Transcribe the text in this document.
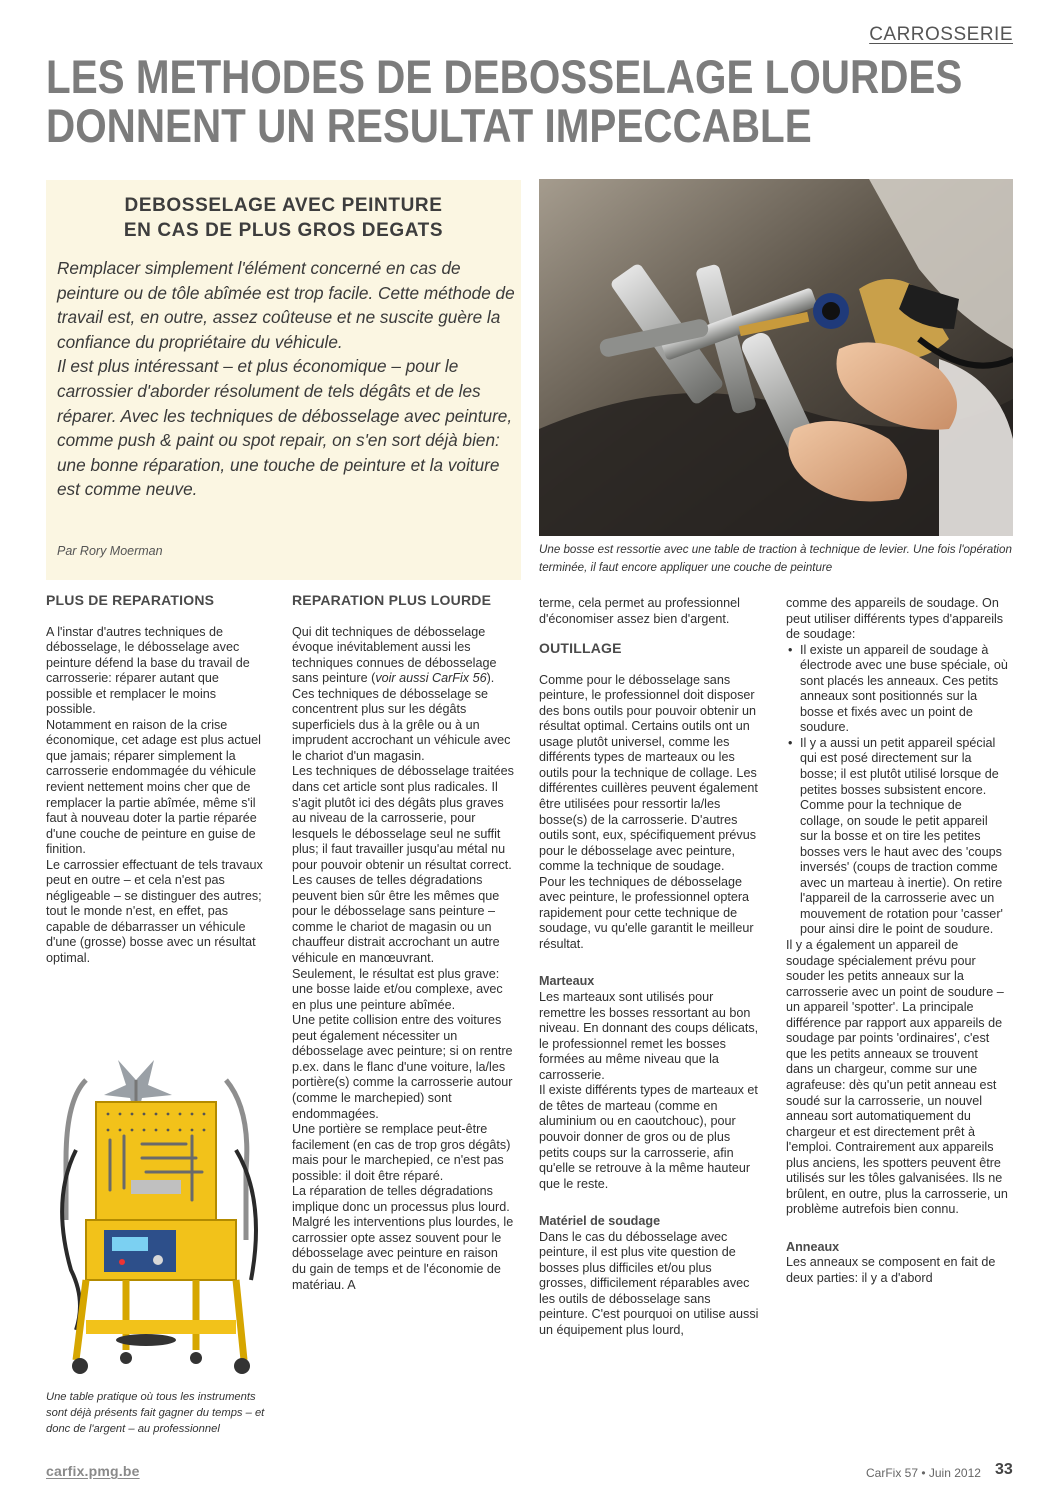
CARROSSERIE
LES METHODES DE DEBOSSELAGE LOURDES
DONNENT UN RESULTAT IMPECCABLE
DEBOSSELAGE AVEC PEINTURE
EN CAS DE PLUS GROS DEGATS

Remplacer simplement l'élément concerné en cas de peinture ou de tôle abîmée est trop facile. Cette méthode de travail est, en outre, assez coûteuse et ne suscite guère la confiance du propriétaire du véhicule.

Il est plus intéressant – et plus économique – pour le carrossier d'aborder résolument de tels dégâts et de les réparer. Avec les techniques de débosselage avec peinture, comme push & paint ou spot repair, on s'en sort déjà bien: une bonne réparation, une touche de peinture et la voiture est comme neuve.

Par Rory Moerman	Une bosse est ressortie avec une table de traction à technique de levier. Une fois l'opération terminée, il faut encore appliquer une couche de peinture

PLUS DE REPARATIONS

A l'instar d'autres techniques de débosselage, le débosselage avec peinture défend la base du travail de carrosserie: réparer autant que possible et remplacer le moins possible.

Notamment en raison de la crise économique, cet adage est plus actuel que jamais; réparer simplement la carrosserie endommagée du véhicule revient nettement moins cher que de remplacer la partie abîmée, même s'il faut à nouveau doter la partie réparée d'une couche de peinture en guise de finition.

Le carrossier effectuant de tels travaux peut en outre – et cela n'est pas négligeable – se distinguer des autres; tout le monde n'est, en effet, pas capable de débarrasser un véhicule d'une (grosse) bosse avec un résultat optimal.

Une table pratique où tous les instruments sont déjà présents fait gagner du temps – et donc de l'argent – au professionnel

REPARATION PLUS LOURDE

Qui dit techniques de débosselage évoque inévitablement aussi les techniques connues de débosselage sans peinture (voir aussi CarFix 56). Ces techniques de débosselage se concentrent plus sur les dégâts superficiels dus à la grêle ou à un imprudent accrochant un véhicule avec le chariot d'un magasin.

Les techniques de débosselage traitées dans cet article sont plus radicales. Il s'agit plutôt ici des dégâts plus graves au niveau de la carrosserie, pour lesquels le débosselage seul ne suffit plus; il faut travailler jusqu'au métal nu pour pouvoir obtenir un résultat correct.

Les causes de telles dégradations peuvent bien sûr être les mêmes que pour le débosselage sans peinture – comme le chariot de magasin ou un chauffeur distrait accrochant un autre véhicule en manœuvrant.

Seulement, le résultat est plus grave: une bosse laide et/ou complexe, avec en plus une peinture abîmée.

Une petite collision entre des voitures peut également nécessiter un débosselage avec peinture; si on rentre p.ex. dans le flanc d'une voiture, la/les portière(s) comme la carrosserie autour (comme le marchepied) sont endommagées.

Une portière se remplace peut-être facilement (en cas de trop gros dégâts) mais pour le marchepied, ce n'est pas possible: il doit être réparé.

La réparation de telles dégradations implique donc un processus plus lourd.

Malgré les interventions plus lourdes, le carrossier opte assez souvent pour le débosselage avec peinture en raison du gain de temps et de l'économie de matériau. A

terme, cela permet au professionnel d'économiser assez bien d'argent.

OUTILLAGE

Comme pour le débosselage sans peinture, le professionnel doit disposer des bons outils pour pouvoir obtenir un résultat optimal. Certains outils ont un usage plutôt universel, comme les différents types de marteaux ou les outils pour la technique de collage. Les différentes cuillères peuvent également être utilisées pour ressortir la/les bosse(s) de la carrosserie. D'autres outils sont, eux, spécifiquement prévus pour le débosselage avec peinture, comme la technique de soudage.

Pour les techniques de débosselage avec peinture, le professionnel optera rapidement pour cette technique de soudage, vu qu'elle garantit le meilleur résultat.

Marteaux

Les marteaux sont utilisés pour remettre les bosses ressortant au bon niveau. En donnant des coups délicats, le professionnel remet les bosses formées au même niveau que la carrosserie.

Il existe différents types de marteaux et de têtes de marteau (comme en aluminium ou en caoutchouc), pour pouvoir donner de gros ou de plus petits coups sur la carrosserie, afin qu'elle se retrouve à la même hauteur que le reste.

Matériel de soudage

Dans le cas du débosselage avec peinture, il est plus vite question de bosses plus difficiles et/ou plus grosses, difficilement réparables avec les outils de débosselage sans peinture. C'est pourquoi on utilise aussi un équipement plus lourd,

comme des appareils de soudage. On peut utiliser différents types d'appareils de soudage:

• Il existe un appareil de soudage à électrode avec une buse spéciale, où sont placés les anneaux. Ces petits anneaux sont positionnés sur la bosse et fixés avec un point de soudure.

• Il y a aussi un petit appareil spécial qui est posé directement sur la bosse; il est plutôt utilisé lorsque de petites bosses subsistent encore. Comme pour la technique de collage, on soude le petit appareil sur la bosse et on tire les petites bosses vers le haut avec des 'coups inversés' (coups de traction comme avec un marteau à inertie). On retire l'appareil de la carrosserie avec un mouvement de rotation pour 'casser' pour ainsi dire le point de soudure.

Il y a également un appareil de soudage spécialement prévu pour souder les petits anneaux sur la carrosserie avec un point de soudure – un appareil 'spotter'. La principale différence par rapport aux appareils de soudage par points 'ordinaires', c'est que les petits anneaux se trouvent dans un chargeur, comme sur une agrafeuse: dès qu'un petit anneau est soudé sur la carrosserie, un nouvel anneau sort automatiquement du chargeur et est directement prêt à l'emploi. Contrairement aux appareils plus anciens, les spotters peuvent être utilisés sur les tôles galvanisées. Ils ne brûlent, en outre, plus la carrosserie, un problème autrefois bien connu.

Anneaux

Les anneaux se composent en fait de deux parties: il y a d'abord

carfix.pmg.be	CarFix 57 • Juin 2012 33
